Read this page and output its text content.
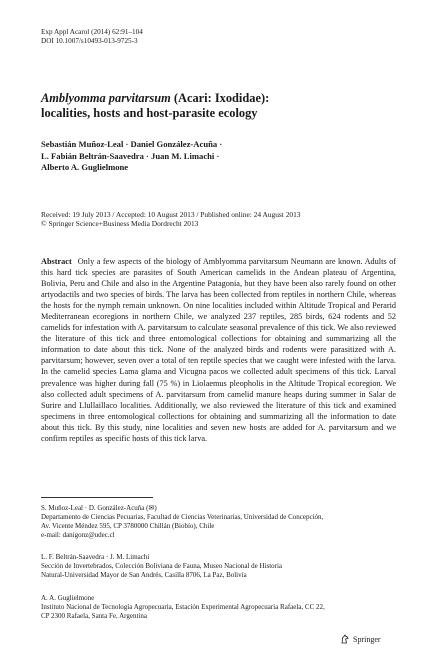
Exp Appl Acarol (2014) 62:91–104
DOI 10.1007/s10493-013-9725-3
Amblyomma parvitarsum (Acari: Ixodidae):
localities, hosts and host-parasite ecology
Sebastián Muñoz-Leal · Daniel González-Acuña ·
L. Fabián Beltrán-Saavedra · Juan M. Limachi ·
Alberto A. Guglielmone
Received: 19 July 2013 / Accepted: 10 August 2013 / Published online: 24 August 2013
© Springer Science+Business Media Dordrecht 2013
Abstract Only a few aspects of the biology of Amblyomma parvitarsum Neumann are known. Adults of this hard tick species are parasites of South American camelids in the Andean plateau of Argentina, Bolivia, Peru and Chile and also in the Argentine Patagonia, but they have been also rarely found on other artyodactils and two species of birds. The larva has been collected from reptiles in northern Chile, whereas the hosts for the nymph remain unknown. On nine localities included within Altitude Tropical and Perarid Mediterranean ecoregions in northern Chile, we analyzed 237 reptiles, 285 birds, 624 rodents and 52 camelids for infestation with A. parvitarsum to calculate seasonal prevalence of this tick. We also reviewed the literature of this tick and three entomological collections for obtaining and summarizing all the information to date about this tick. None of the analyzed birds and rodents were parasitized with A. parvitarsum; however, seven over a total of ten reptile species that we caught were infested with the larva. In the camelid species Lama glama and Vicugna pacos we collected adult specimens of this tick. Larval prevalence was higher during fall (75 %) in Liolaemus pleopholis in the Altitude Tropical ecoregion. We also collected adult specimens of A. parvitarsum from camelid manure heaps during summer in Salar de Surire and Llullaillaco localities. Additionally, we also reviewed the literature of this tick and examined specimens in three entomological collections for obtaining and summarizing all the information to date about this tick. By this study, nine localities and seven new hosts are added for A. parvitarsum and we confirm reptiles as specific hosts of this tick larva.
S. Muñoz-Leal · D. González-Acuña (✉)
Departamento de Ciencias Pecuarias, Facultad de Ciencias Veterinarias, Universidad de Concepción,
Av. Vicente Méndez 595, CP 3780000 Chillán (Biobío), Chile
e-mail: danigonz@udec.cl
L. F. Beltrán-Saavedra · J. M. Limachi
Sección de Invertebrados, Colección Boliviana de Fauna, Museo Nacional de Historia
Natural-Universidad Mayor de San Andrés, Casilla 8706, La Paz, Bolivia
A. A. Guglielmone
Instituto Nacional de Tecnología Agropecuaria, Estación Experimental Agropecuaria Rafaela, CC 22,
CP 2300 Rafaela, Santa Fe, Argentina
Springer
